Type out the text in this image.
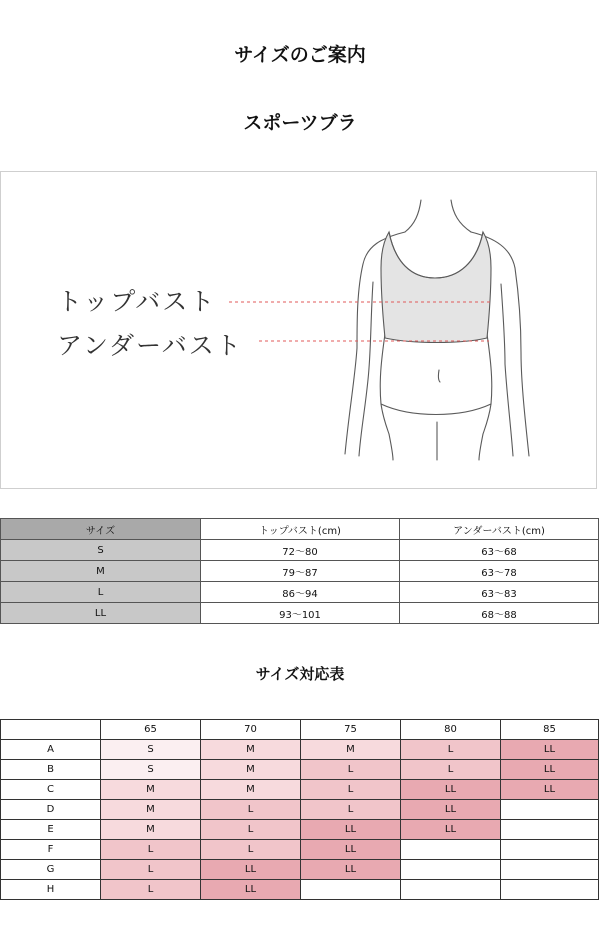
サイズのご案内
スポーツブラ
トップバスト
アンダーバスト
サイズ	トップバスト(cm)	アンダーバスト(cm)
S	72〜80	63〜68
M	79〜87	63〜78
L	86〜94	63〜83
LL	93〜101	68〜88
サイズ対応表
	65	70	75	80	85
A	S	M	M	L	LL
B	S	M	L	L	LL
C	M	M	L	LL	LL
D	M	L	L	LL	
E	M	L	LL	LL	
F	L	L	LL		
G	L	LL	LL		
H	L	LL			
